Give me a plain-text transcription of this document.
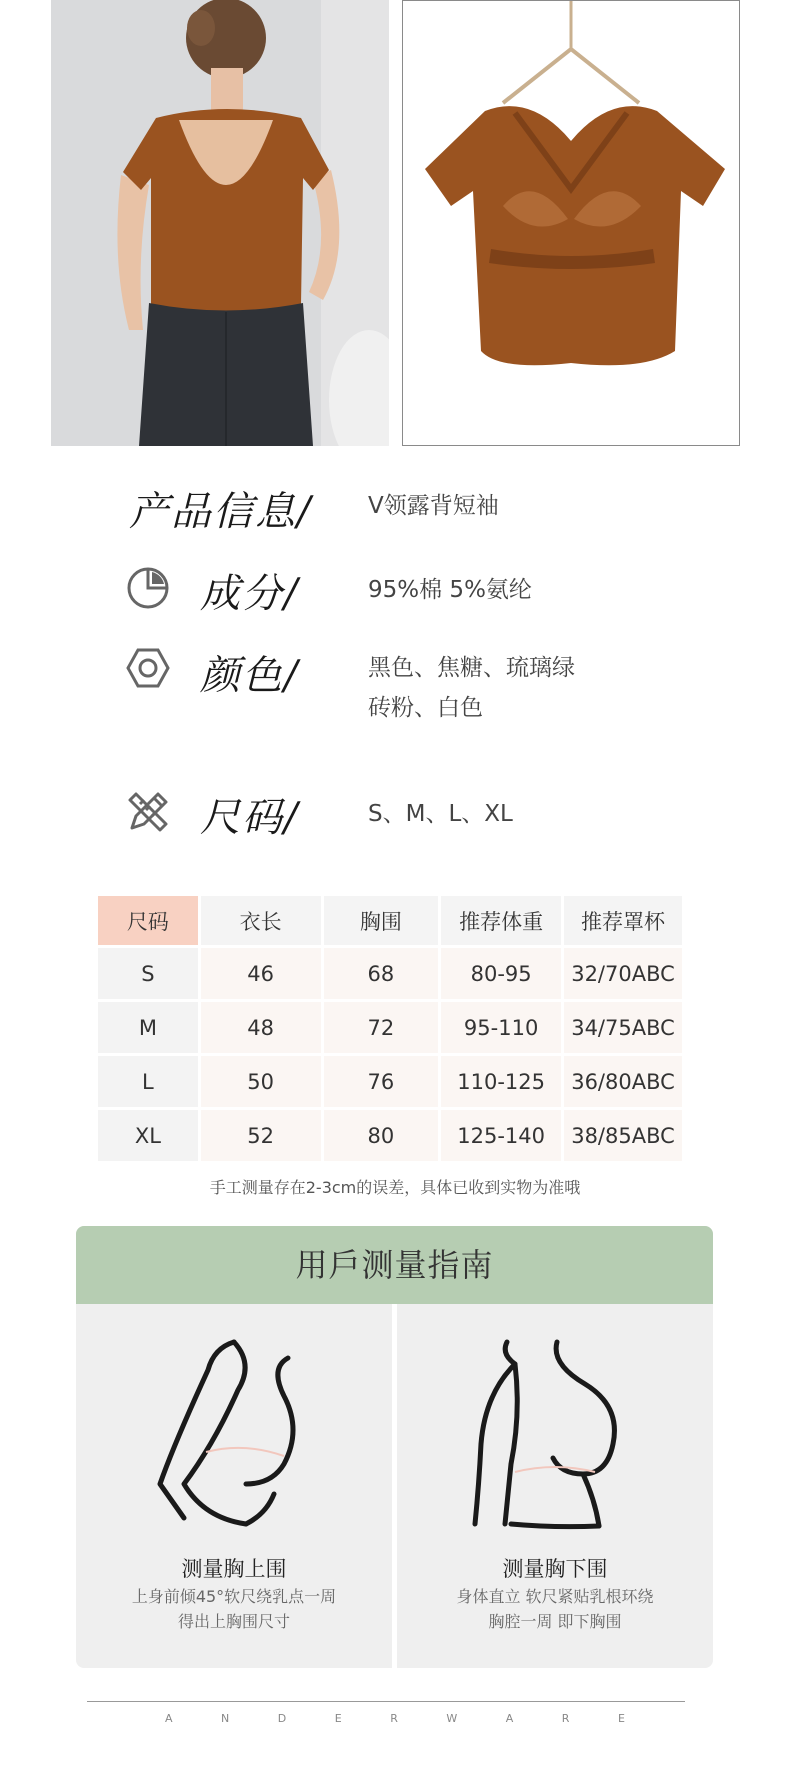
产品信息/ V领露背短袖
成分/	95%棉 5%氨纶
颜色/	黑色、焦糖、琉璃绿
砖粉、白色
尺码/	S、M、L、XL
尺码	衣长	胸围	推荐体重	推荐罩杯
S	46	68	80-95	32/70ABC
M	48	72	95-110	34/75ABC
L	50	76	110-125	36/80ABC
XL	52	80	125-140	38/85ABC
手工测量存在2-3cm的误差，具体已收到实物为准哦
用戶测量指南
测量胸上围
上身前倾45°软尺绕乳点一周
得出上胸围尺寸
测量胸下围
身体直立 软尺紧贴乳根环绕
胸腔一周 即下胸围
A	N	D	E	R	W	A	R	E
